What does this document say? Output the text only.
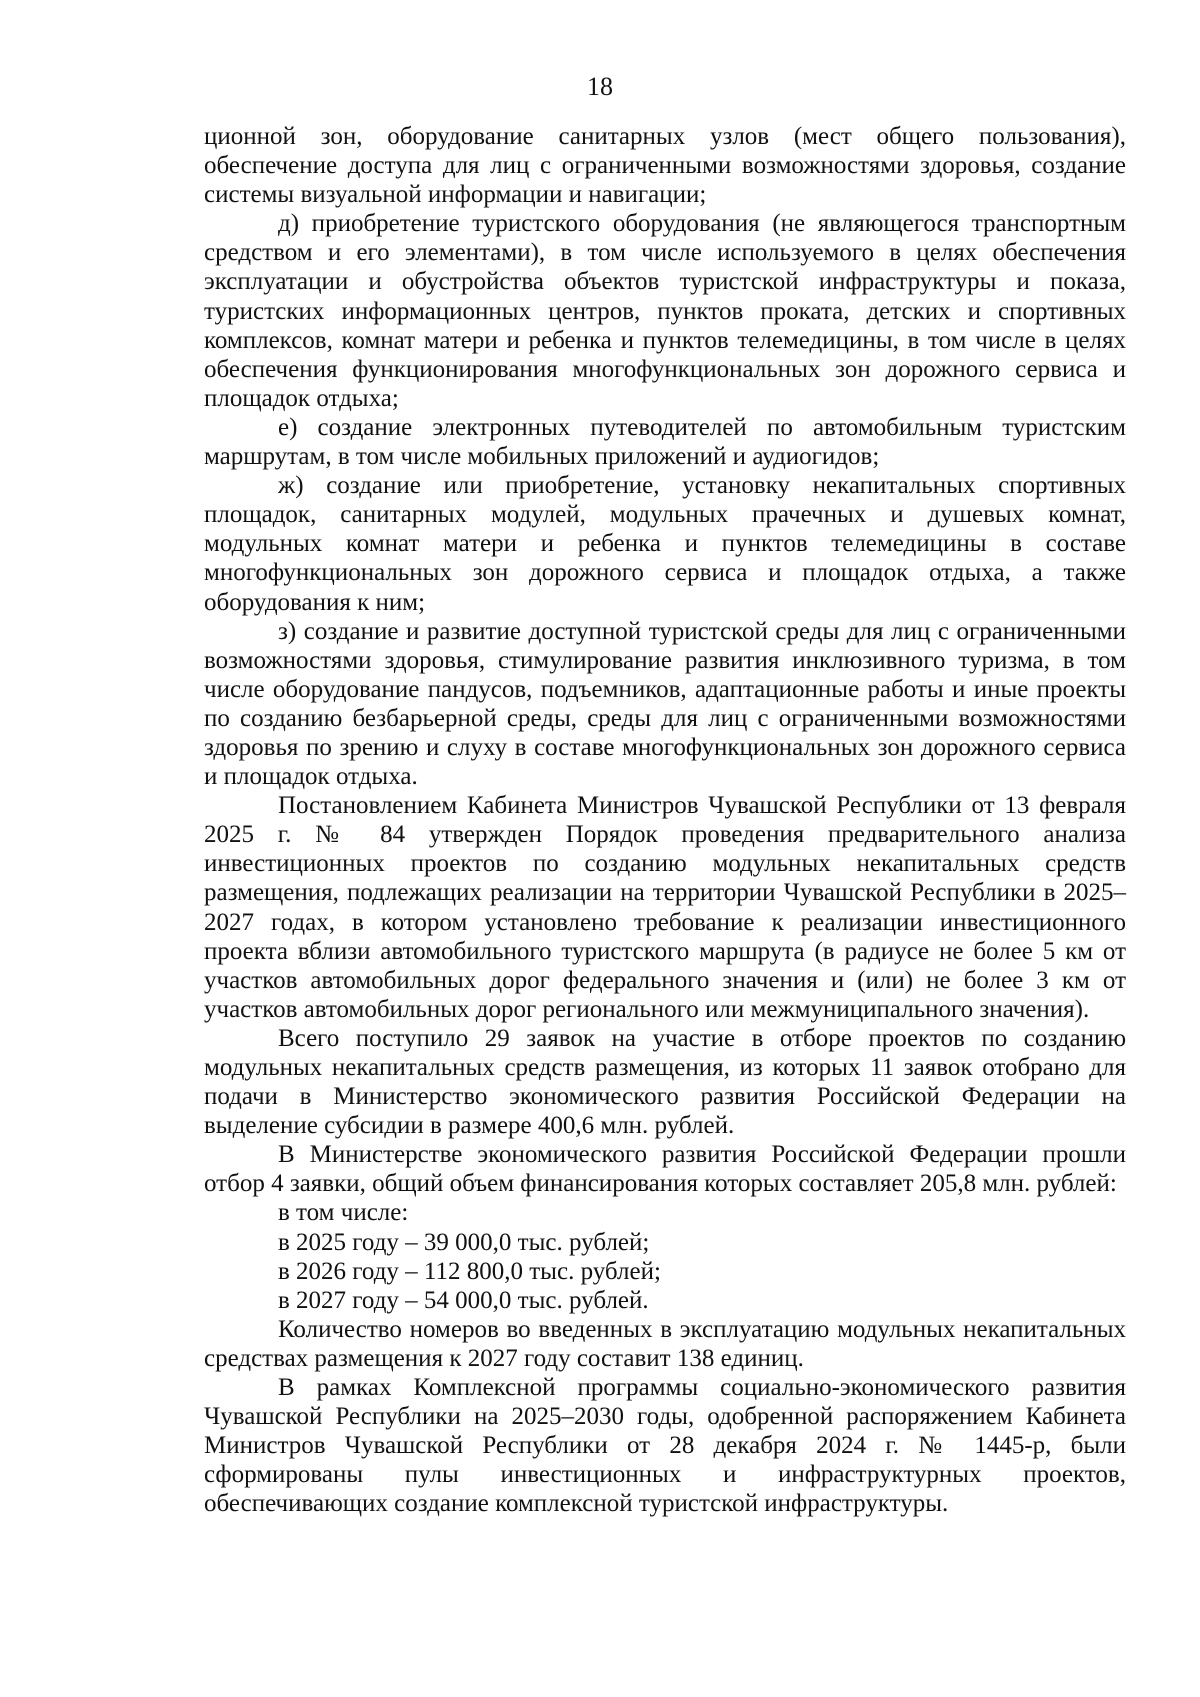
18

ционной зон, оборудование санитарных узлов (мест общего пользования), обеспечение доступа для лиц с ограниченными возможностями здоровья, создание системы визуальной информации и навигации;

д) приобретение туристского оборудования (не являющегося транспортным средством и его элементами), в том числе используемого в целях обеспечения эксплуатации и обустройства объектов туристской инфраструктуры и показа, туристских информационных центров, пунктов проката, детских и спортивных комплексов, комнат матери и ребенка и пунктов телемедицины, в том числе в целях обеспечения функционирования многофункциональных зон дорожного сервиса и площадок отдыха;

е) создание электронных путеводителей по автомобильным туристским маршрутам, в том числе мобильных приложений и аудиогидов;

ж) создание или приобретение, установку некапитальных спортивных площадок, санитарных модулей, модульных прачечных и душевых комнат, модульных комнат матери и ребенка и пунктов телемедицины в составе многофункциональных зон дорожного сервиса и площадок отдыха, а также оборудования к ним;

з) создание и развитие доступной туристской среды для лиц с ограниченными возможностями здоровья, стимулирование развития инклюзивного туризма, в том числе оборудование пандусов, подъемников, адаптационные работы и иные проекты по созданию безбарьерной среды, среды для лиц с ограниченными возможностями здоровья по зрению и слуху в составе многофункциональных зон дорожного сервиса и площадок отдыха.

Постановлением Кабинета Министров Чувашской Республики от 13 февраля 2025 г. № 84 утвержден Порядок проведения предварительного анализа инвестиционных проектов по созданию модульных некапитальных средств размещения, подлежащих реализации на территории Чувашской Республики в 2025–2027 годах, в котором установлено требование к реализации инвестиционного проекта вблизи автомобильного туристского маршрута (в радиусе не более 5 км от участков автомобильных дорог федерального значения и (или) не более 3 км от участков автомобильных дорог регионального или межмуниципального значения).

Всего поступило 29 заявок на участие в отборе проектов по созданию модульных некапитальных средств размещения, из которых 11 заявок отобрано для подачи в Министерство экономического развития Российской Федерации на выделение субсидии в размере 400,6 млн. рублей.

В Министерстве экономического развития Российской Федерации прошли отбор 4 заявки, общий объем финансирования которых составляет 205,8 млн. рублей:

в том числе:

в 2025 году – 39 000,0 тыс. рублей;

в 2026 году – 112 800,0 тыс. рублей;

в 2027 году – 54 000,0 тыс. рублей.

Количество номеров во введенных в эксплуатацию модульных некапитальных средствах размещения к 2027 году составит 138 единиц.

В рамках Комплексной программы социально-экономического развития Чувашской Республики на 2025–2030 годы, одобренной распоряжением Кабинета Министров Чувашской Республики от 28 декабря 2024 г. № 1445-р, были сформированы пулы инвестиционных и инфраструктурных проектов, обеспечивающих создание комплексной туристской инфраструктуры.
